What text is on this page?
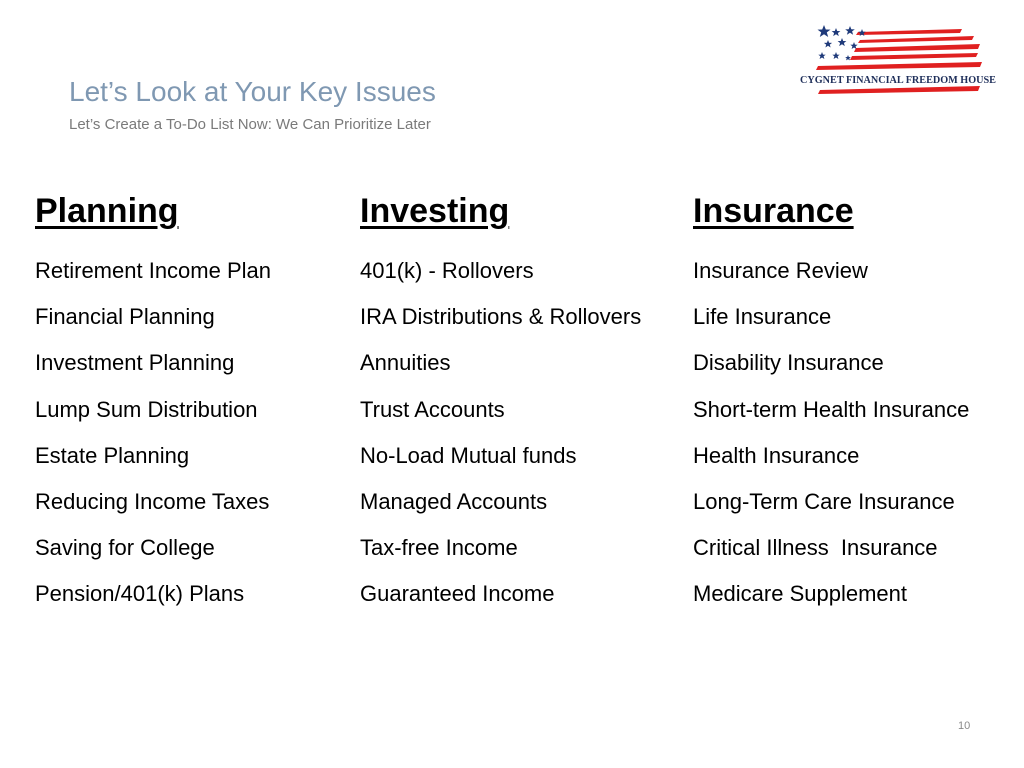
Let’s Look at Your Key Issues
Let’s Create a To-Do List Now: We Can Prioritize Later
CYGNET FINANCIAL FREEDOM HOUSE
Planning
Retirement Income Plan
Financial Planning
Investment Planning
Lump Sum Distribution
Estate Planning
Reducing Income Taxes
Saving for College
Pension/401(k) Plans
Investing
401(k) - Rollovers
IRA Distributions & Rollovers
Annuities
Trust Accounts
No-Load Mutual funds
Managed Accounts
Tax-free Income
Guaranteed Income
Insurance
Insurance Review
Life Insurance
Disability Insurance
Short-term Health Insurance
Health Insurance
Long-Term Care Insurance
Critical Illness  Insurance
Medicare Supplement
10
